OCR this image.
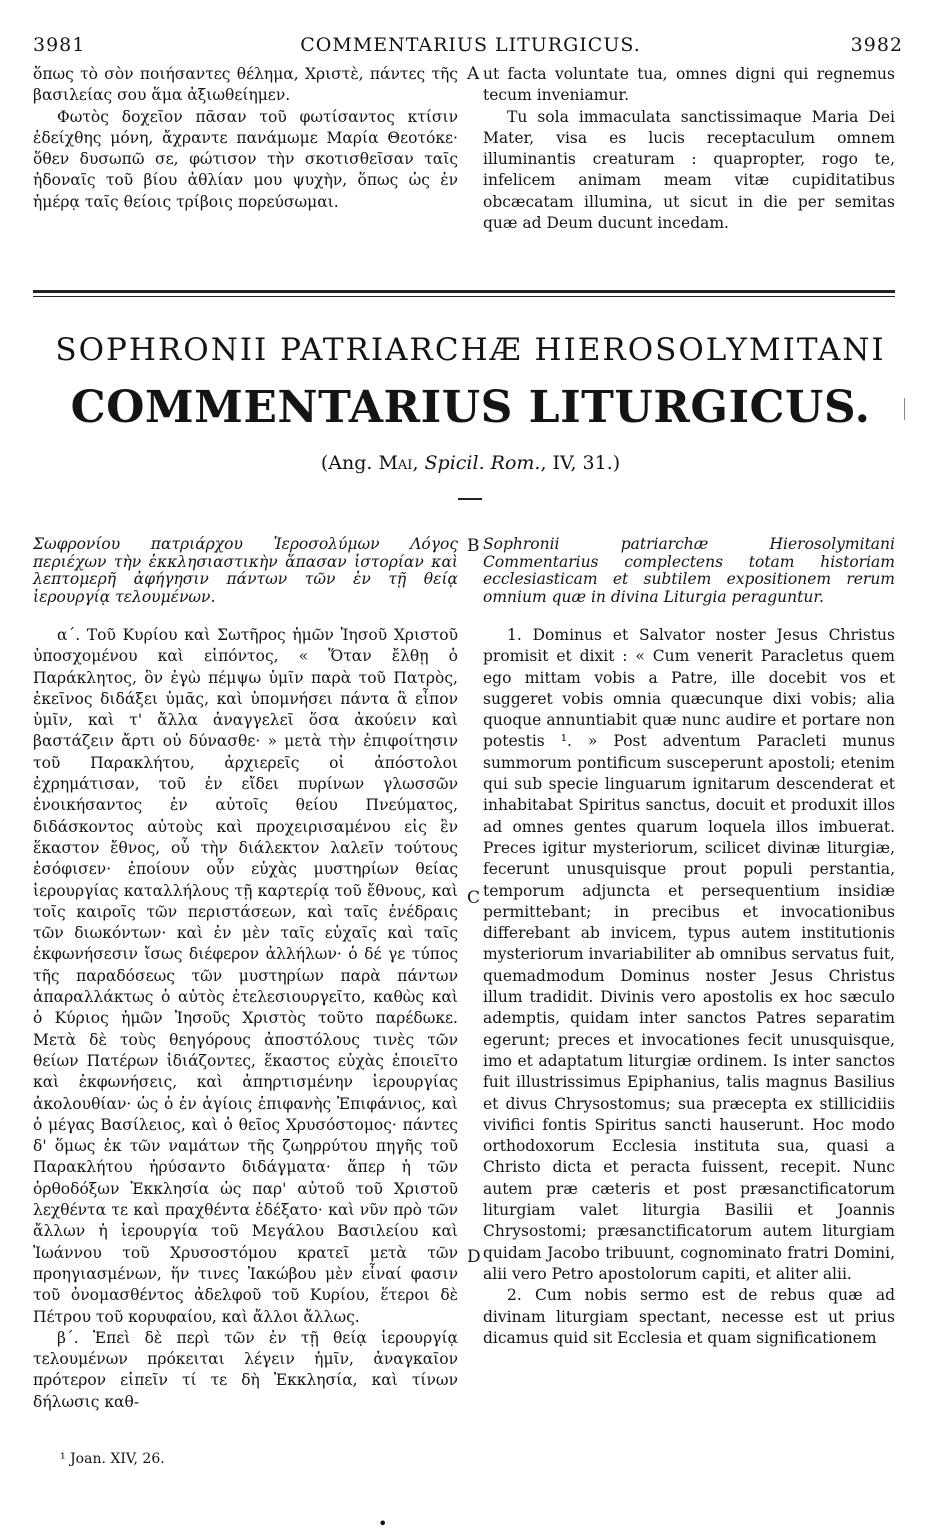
3981	COMMENTARIUS LITURGICUS.	3982

ὅπως τὸ σὸν ποιήσαντες θέλημα, Χριστὲ, πάντες τῆς βασιλείας σου ἅμα ἀξιωθείημεν.

Φωτὸς δοχεῖον πᾶσαν τοῦ φωτίσαντος κτίσιν ἐδείχθης μόνη, ἄχραντε πανάμωμε Μαρία Θεοτόκε· ὅθεν δυσωπῶ σε, φώτισον τὴν σκοτισθεῖσαν ταῖς ἡδοναῖς τοῦ βίου ἀθλίαν μου ψυχὴν, ὅπως ὡς ἐν ἡμέρᾳ ταῖς θείοις τρίβοις πορεύσωμαι.

A ut facta voluntate tua, omnes digni qui regnemus tecum inveniamur.

Tu sola immaculata sanctissimaque Maria Dei Mater, visa es lucis receptaculum omnem illuminantis creaturam : quapropter, rogo te, infelicem animam meam vitæ cupiditatibus obcæcatam illumina, ut sicut in die per semitas quæ ad Deum ducunt incedam.

SOPHRONII PATRIARCHÆ HIEROSOLYMITANI
COMMENTARIUS LITURGICUS.
(Ang. Mai, Spicil. Rom., IV, 31.)
Σωφρονίου πατριάρχου Ἱεροσολύμων Λόγος περιέχων τὴν ἐκκλησιαστικὴν ἅπασαν ἱστορίαν καὶ λεπτομερῆ ἀφήγησιν πάντων τῶν ἐν τῇ θείᾳ ἱερουργίᾳ τελουμένων.
B Sophronii patriarchæ Hierosolymitani Commentarius complectens totam historiam ecclesiasticam et subtilem expositionem rerum omnium quæ in divina Liturgia peraguntur.

α΄. Τοῦ Κυρίου καὶ Σωτῆρος ἡμῶν Ἰησοῦ Χριστοῦ ὑποσχομένου καὶ εἰπόντος, « Ὅταν ἔλθῃ ὁ Παράκλητος, ὃν ἐγὼ πέμψω ὑμῖν παρὰ τοῦ Πατρὸς, ἐκεῖνος διδάξει ὑμᾶς, καὶ ὑπομνήσει πάντα ἃ εἶπον ὑμῖν, καὶ τ' ἄλλα ἀναγγελεῖ ὅσα ἀκούειν καὶ βαστάζειν ἄρτι οὐ δύνασθε· » μετὰ τὴν ἐπιφοίτησιν τοῦ Παρακλήτου, ἀρχιερεῖς οἱ ἀπόστολοι ἐχρημάτισαν, τοῦ ἐν εἴδει πυρίνων γλωσσῶν ἐνοικήσαντος ἐν αὐτοῖς θείου Πνεύματος, διδάσκοντος αὐτοὺς καὶ προχειρισαμένου εἰς ἓν ἕκαστον ἔθνος, οὗ τὴν διάλεκτον λαλεῖν τούτους ἐσόφισεν· ἐποίουν οὖν εὐχὰς μυστηρίων θείας ἱερουργίας καταλλήλους τῇ καρτερίᾳ τοῦ ἔθνους, καὶ τοῖς καιροῖς τῶν περιστάσεων, καὶ ταῖς ἐνέδραις τῶν διωκόντων· καὶ ἐν μὲν ταῖς εὐχαῖς καὶ ταῖς ἐκφωνήσεσιν ἴσως διέφερον ἀλλήλων· ὁ δέ γε τύπος τῆς παραδόσεως τῶν μυστηρίων παρὰ πάντων ἀπαραλλάκτως ὁ αὐτὸς ἐτελεσιουργεῖτο, καθὼς καὶ ὁ Κύριος ἡμῶν Ἰησοῦς Χριστὸς τοῦτο παρέδωκε. Μετὰ δὲ τοὺς θεηγόρους ἀποστόλους τινὲς τῶν θείων Πατέρων ἰδιάζοντες, ἕκαστος εὐχὰς ἐποιεῖτο καὶ ἐκφωνήσεις, καὶ ἀπηρτισμένην ἱερουργίας ἀκολουθίαν· ὡς ὁ ἐν ἁγίοις ἐπιφανὴς Ἐπιφάνιος, καὶ ὁ μέγας Βασίλειος, καὶ ὁ θεῖος Χρυσόστομος· πάντες δ' ὅμως ἐκ τῶν ναμάτων τῆς ζωηρρύτου πηγῆς τοῦ Παρακλήτου ἠρύσαντο διδάγματα· ἅπερ ἡ τῶν ὀρθοδόξων Ἐκκλησία ὡς παρ' αὐτοῦ τοῦ Χριστοῦ λεχθέντα τε καὶ πραχθέντα ἐδέξατο· καὶ νῦν πρὸ τῶν ἄλλων ἡ ἱερουργία τοῦ Μεγάλου Βασιλείου καὶ Ἰωάννου τοῦ Χρυσοστόμου κρατεῖ μετὰ τῶν προηγιασμένων, ἥν τινες Ἰακώβου μὲν εἶναί φασιν τοῦ ὀνομασθέντος ἀδελφοῦ τοῦ Κυρίου, ἕτεροι δὲ Πέτρου τοῦ κορυφαίου, καὶ ἄλλοι ἄλλως.

β΄. Ἐπεὶ δὲ περὶ τῶν ἐν τῇ θείᾳ ἱερουργίᾳ τελουμένων πρόκειται λέγειν ἡμῖν, ἀναγκαῖον πρότερον εἰπεῖν τί τε δὴ Ἐκκλησία, καὶ τίνων δήλωσις καθ-

C
D

1. Dominus et Salvator noster Jesus Christus promisit et dixit : « Cum venerit Paracletus quem ego mittam vobis a Patre, ille docebit vos et suggeret vobis omnia quæcunque dixi vobis; alia quoque annuntiabit quæ nunc audire et portare non potestis ¹. » Post adventum Paracleti munus summorum pontificum susceperunt apostoli; etenim qui sub specie linguarum ignitarum descenderat et inhabitabat Spiritus sanctus, docuit et produxit illos ad omnes gentes quarum loquela illos imbuerat. Preces igitur mysteriorum, scilicet divinæ liturgiæ, fecerunt unusquisque prout populi perstantia, temporum adjuncta et persequentium insidiæ permittebant; in precibus et invocationibus differebant ab invicem, typus autem institutionis mysteriorum invariabiliter ab omnibus servatus fuit, quemadmodum Dominus noster Jesus Christus illum tradidit. Divinis vero apostolis ex hoc sæculo ademptis, quidam inter sanctos Patres separatim egerunt; preces et invocationes fecit unusquisque, imo et adaptatum liturgiæ ordinem. Is inter sanctos fuit illustrissimus Epiphanius, talis magnus Basilius et divus Chrysostomus; sua præcepta ex stillicidiis vivifici fontis Spiritus sancti hauserunt. Hoc modo orthodoxorum Ecclesia instituta sua, quasi a Christo dicta et peracta fuissent, recepit. Nunc autem præ cæteris et post præsanctificatorum liturgiam valet liturgia Basilii et Joannis Chrysostomi; præsanctificatorum autem liturgiam quidam Jacobo tribuunt, cognominato fratri Domini, alii vero Petro apostolorum capiti, et aliter alii.

2. Cum nobis sermo est de rebus quæ ad divinam liturgiam spectant, necesse est ut prius dicamus quid sit Ecclesia et quam significationem

¹ Joan. XIV, 26.
•
